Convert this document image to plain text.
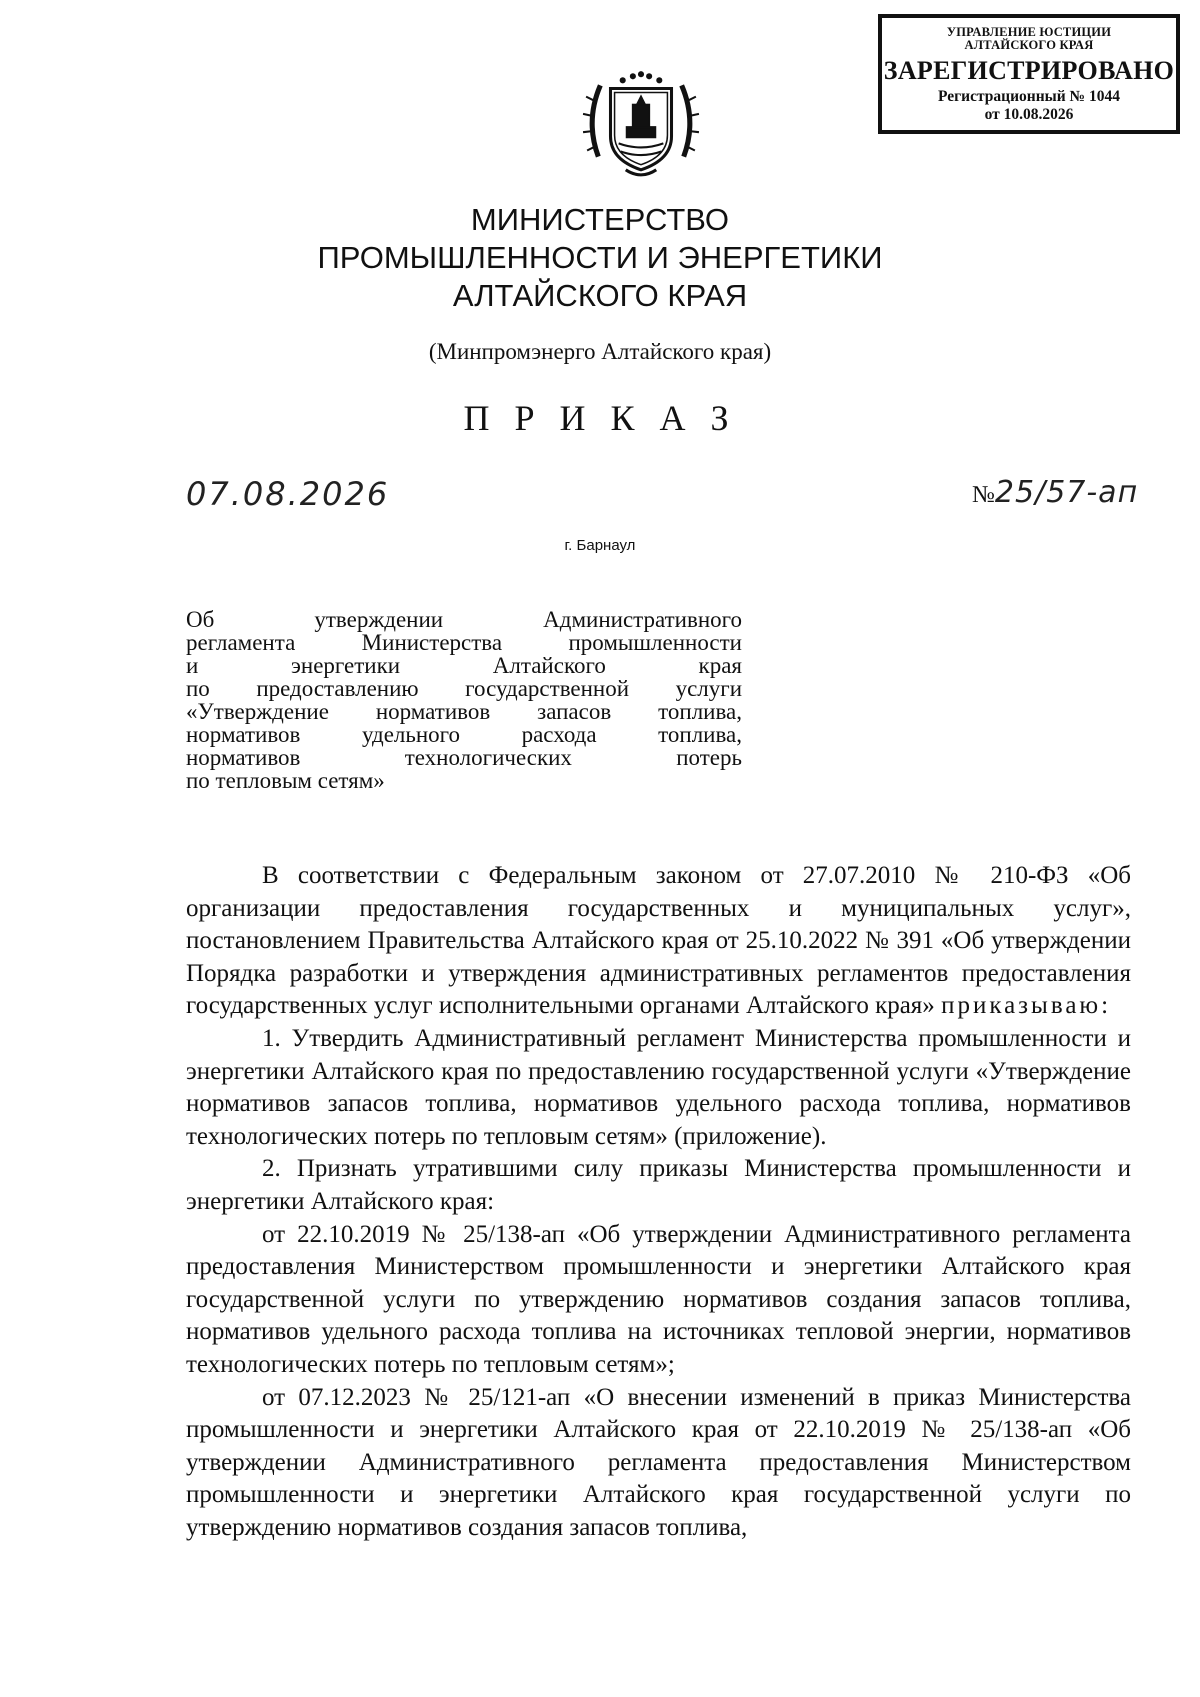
УПРАВЛЕНИЕ ЮСТИЦИИ
АЛТАЙСКОГО КРАЯ
ЗАРЕГИСТРИРОВАНО
Регистрационный № 1044
от 10.08.2026
МИНИСТЕРСТВО
ПРОМЫШЛЕННОСТИ И ЭНЕРГЕТИКИ
АЛТАЙСКОГО КРАЯ
(Минпромэнерго Алтайского края)
П Р И К А З
07.08.2026	№25/57-ап
г. Барнаул
Об утверждении Административного
регламента Министерства промышленности
и энергетики Алтайского края
по предоставлению государственной услуги
«Утверждение нормативов запасов топлива,
нормативов удельного расхода топлива,
нормативов технологических потерь
по тепловым сетям»

В соответствии с Федеральным законом от 27.07.2010 № 210-ФЗ «Об организации предоставления государственных и муниципальных услуг», постановлением Правительства Алтайского края от 25.10.2022 № 391 «Об утверждении Порядка разработки и утверждения административных регламентов предоставления государственных услуг исполнительными органами Алтайского края» приказываю:

1. Утвердить Административный регламент Министерства промышленности и энергетики Алтайского края по предоставлению государственной услуги «Утверждение нормативов запасов топлива, нормативов удельного расхода топлива, нормативов технологических потерь по тепловым сетям» (приложение).

2. Признать утратившими силу приказы Министерства промышленности и энергетики Алтайского края:

от 22.10.2019 № 25/138-ап «Об утверждении Административного регламента предоставления Министерством промышленности и энергетики Алтайского края государственной услуги по утверждению нормативов создания запасов топлива, нормативов удельного расхода топлива на источниках тепловой энергии, нормативов технологических потерь по тепловым сетям»;

от 07.12.2023 № 25/121-ап «О внесении изменений в приказ Министерства промышленности и энергетики Алтайского края от 22.10.2019 № 25/138-ап «Об утверждении Административного регламента предоставления Министерством промышленности и энергетики Алтайского края государственной услуги по утверждению нормативов создания запасов топлива,
